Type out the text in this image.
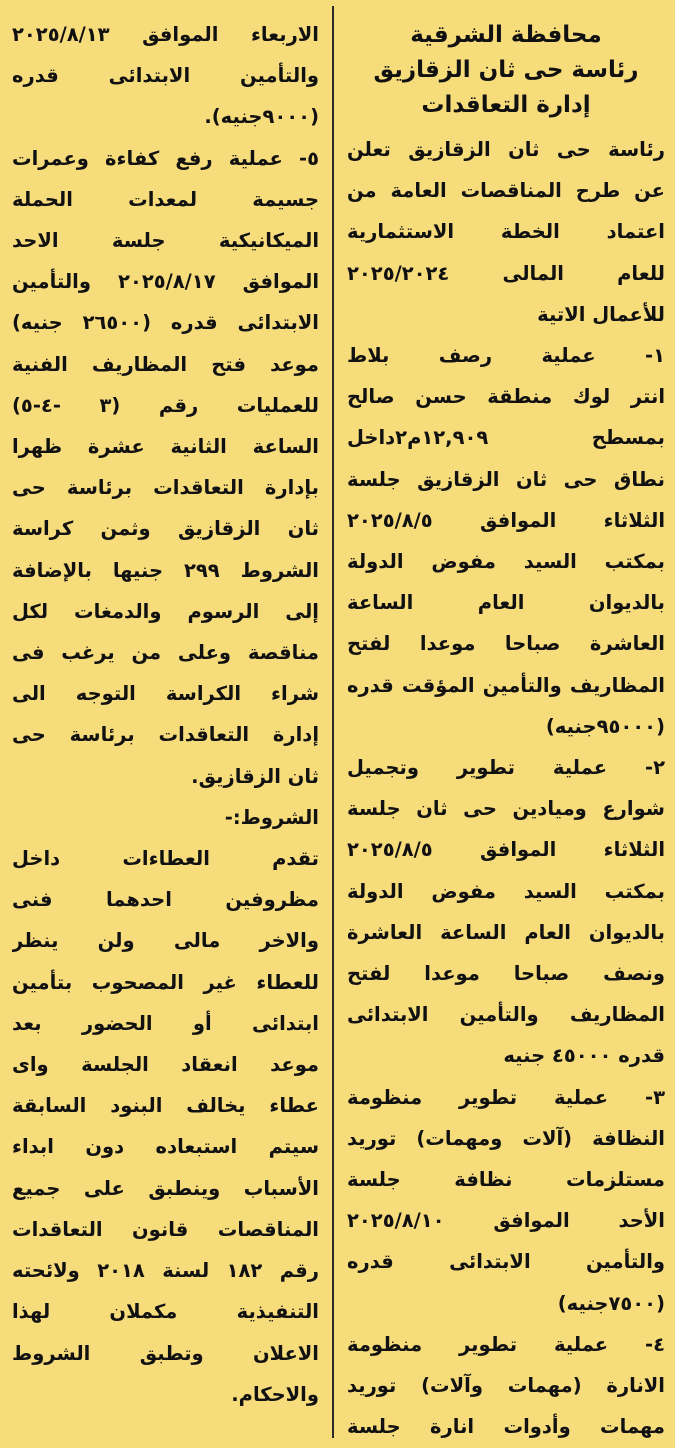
محافظة الشرقية

رئاسة حى ثان الزقازيق

إدارة التعاقدات

رئاسة حى ثان الزقازيق تعلن

عن طرح المناقصات العامة من

اعتماد الخطة الاستثمارية

للعام المالى ٢٠٢٥/٢٠٢٤

للأعمال الاتية

١- عملية رصف بلاط

انتر لوك منطقة حسن صالح

بمسطح ١٢,٩٠٩م٢داخل

نطاق حى ثان الزقازيق جلسة

الثلاثاء الموافق ٢٠٢٥/٨/٥

بمكتب السيد مفوض الدولة

بالديوان العام الساعة

العاشرة صباحا موعدا لفتح

المظاريف والتأمين المؤقت قدره

(٩٥٠٠٠جنيه)

٢- عملية تطوير وتجميل

شوارع وميادين حى ثان جلسة

الثلاثاء الموافق ٢٠٢٥/٨/٥

بمكتب السيد مفوض الدولة

بالديوان العام الساعة العاشرة

ونصف صباحا موعدا لفتح

المظاريف والتأمين الابتدائى

قدره ٤٥٠٠٠ جنيه

٣- عملية تطوير منظومة

النظافة (آلات ومهمات) توريد

مستلزمات نظافة جلسة

الأحد الموافق ٢٠٢٥/٨/١٠

والتأمين الابتدائى قدره

(٧٥٠٠جنيه)

٤- عملية تطوير منظومة

الانارة (مهمات وآلات) توريد

مهمات وأدوات انارة جلسة

الاربعاء الموافق ٢٠٢٥/٨/١٣

والتأمين الابتدائى قدره

(٩٠٠٠جنيه).

٥- عملية رفع كفاءة وعمرات

جسيمة لمعدات الحملة

الميكانيكية جلسة الاحد

الموافق ٢٠٢٥/٨/١٧ والتأمين

الابتدائى قدره (٢٦٥٠٠ جنيه)

موعد فتح المظاريف الفنية

للعمليات رقم (٣ -٤-٥)

الساعة الثانية عشرة ظهرا

بإدارة التعاقدات برئاسة حى

ثان الزقازيق وثمن كراسة

الشروط ٢٩٩ جنيها بالإضافة

إلى الرسوم والدمغات لكل

مناقصة وعلى من يرغب فى

شراء الكراسة التوجه الى

إدارة التعاقدات برئاسة حى

ثان الزقازيق.

الشروط:-

تقدم العطاءات داخل

مظروفين احدهما فنى

والاخر مالى ولن ينظر

للعطاء غير المصحوب بتأمين

ابتدائى أو الحضور بعد

موعد انعقاد الجلسة واى

عطاء يخالف البنود السابقة

سيتم استبعاده دون ابداء

الأسباب وينطبق على جميع

المناقصات قانون التعاقدات

رقم ١٨٢ لسنة ٢٠١٨ ولائحته

التنفيذية مكملان لهذا

الاعلان وتطبق الشروط

والاحكام.
